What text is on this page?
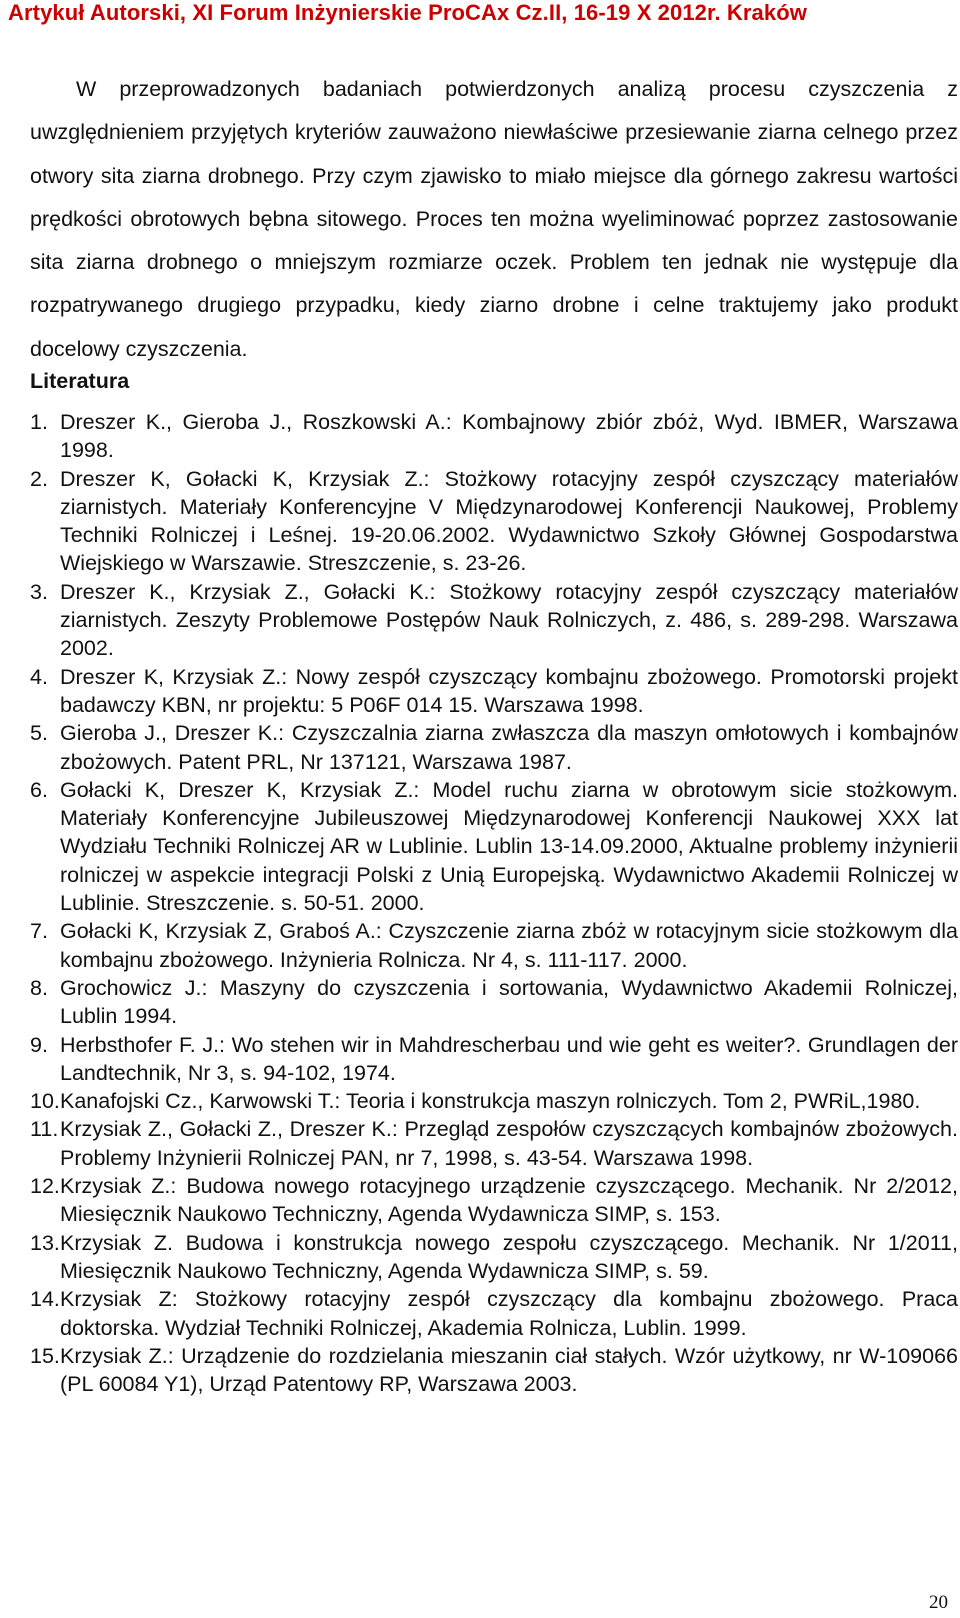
Artykuł Autorski, XI Forum Inżynierskie ProCAx Cz.II, 16-19 X 2012r. Kraków
W przeprowadzonych badaniach potwierdzonych analizą procesu czyszczenia z uwzględnieniem przyjętych kryteriów zauważono niewłaściwe przesiewanie ziarna celnego przez otwory sita ziarna drobnego. Przy czym zjawisko to miało miejsce dla górnego zakresu wartości prędkości obrotowych bębna sitowego. Proces ten można wyeliminować poprzez zastosowanie sita ziarna drobnego o mniejszym rozmiarze oczek. Problem ten jednak nie występuje dla rozpatrywanego drugiego przypadku, kiedy ziarno drobne i celne traktujemy jako produkt docelowy czyszczenia.
Literatura
1. Dreszer K., Gieroba J., Roszkowski A.: Kombajnowy zbiór zbóż, Wyd. IBMER, Warszawa 1998.
2. Dreszer K, Gołacki K, Krzysiak Z.: Stożkowy rotacyjny zespół czyszczący materiałów ziarnistych. Materiały Konferencyjne V Międzynarodowej Konferencji Naukowej, Problemy Techniki Rolniczej i Leśnej. 19-20.06.2002. Wydawnictwo Szkoły Głównej Gospodarstwa Wiejskiego w Warszawie. Streszczenie, s. 23-26.
3. Dreszer K., Krzysiak Z., Gołacki K.: Stożkowy rotacyjny zespół czyszczący materiałów ziarnistych. Zeszyty Problemowe Postępów Nauk Rolniczych, z. 486, s. 289-298. Warszawa 2002.
4. Dreszer K, Krzysiak Z.: Nowy zespół czyszczący kombajnu zbożowego. Promotorski projekt badawczy KBN, nr projektu: 5 P06F 014 15. Warszawa 1998.
5. Gieroba J., Dreszer K.: Czyszczalnia ziarna zwłaszcza dla maszyn omłotowych i kombajnów zbożowych. Patent PRL, Nr 137121, Warszawa 1987.
6. Gołacki K, Dreszer K, Krzysiak Z.: Model ruchu ziarna w obrotowym sicie stożkowym. Materiały Konferencyjne Jubileuszowej Międzynarodowej Konferencji Naukowej XXX lat Wydziału Techniki Rolniczej AR w Lublinie. Lublin 13-14.09.2000, Aktualne problemy inżynierii rolniczej w aspekcie integracji Polski z Unią Europejską. Wydawnictwo Akademii Rolniczej w Lublinie. Streszczenie. s. 50-51. 2000.
7. Gołacki K, Krzysiak Z, Graboś A.: Czyszczenie ziarna zbóż w rotacyjnym sicie stożkowym dla kombajnu zbożowego. Inżynieria Rolnicza. Nr 4, s. 111-117. 2000.
8. Grochowicz J.: Maszyny do czyszczenia i sortowania, Wydawnictwo Akademii Rolniczej, Lublin 1994.
9. Herbsthofer F. J.: Wo stehen wir in Mahdrescherbau und wie geht es weiter?. Grundlagen der Landtechnik, Nr 3, s. 94-102, 1974.
10. Kanafojski Cz., Karwowski T.: Teoria i konstrukcja maszyn rolniczych. Tom 2, PWRiL,1980.
11. Krzysiak Z., Gołacki Z., Dreszer K.: Przegląd zespołów czyszczących kombajnów zbożowych. Problemy Inżynierii Rolniczej PAN, nr 7, 1998, s. 43-54. Warszawa 1998.
12. Krzysiak Z.: Budowa nowego rotacyjnego urządzenie czyszczącego. Mechanik. Nr 2/2012, Miesięcznik Naukowo Techniczny, Agenda Wydawnicza SIMP, s. 153.
13. Krzysiak Z. Budowa i konstrukcja nowego zespołu czyszczącego. Mechanik. Nr 1/2011, Miesięcznik Naukowo Techniczny, Agenda Wydawnicza SIMP, s. 59.
14. Krzysiak Z: Stożkowy rotacyjny zespół czyszczący dla kombajnu zbożowego. Praca doktorska. Wydział Techniki Rolniczej, Akademia Rolnicza, Lublin. 1999.
15. Krzysiak Z.: Urządzenie do rozdzielania mieszanin ciał stałych. Wzór użytkowy, nr W-109066 (PL 60084 Y1), Urząd Patentowy RP, Warszawa 2003.
20
